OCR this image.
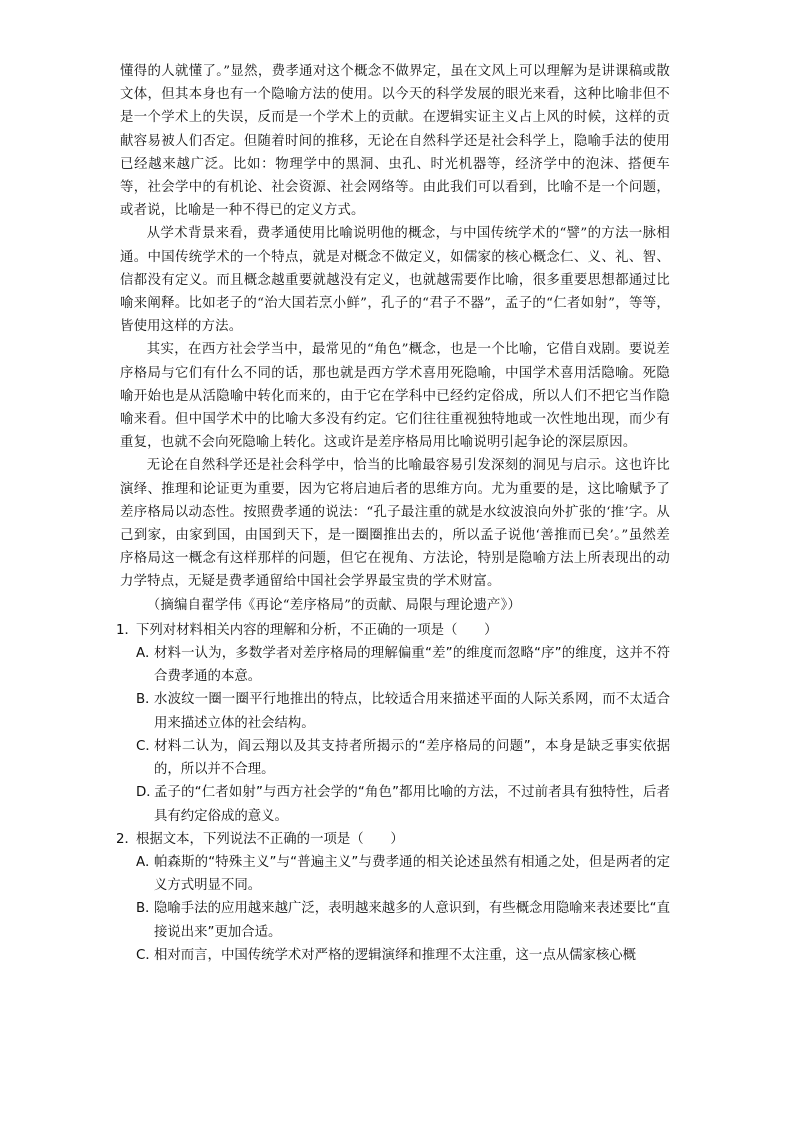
懂得的人就懂了。”显然，费孝通对这个概念不做界定，虽在文风上可以理解为是讲课稿或散文体，但其本身也有一个隐喻方法的使用。以今天的科学发展的眼光来看，这种比喻非但不是一个学术上的失误，反而是一个学术上的贡献。在逻辑实证主义占上风的时候，这样的贡献容易被人们否定。但随着时间的推移，无论在自然科学还是社会科学上，隐喻手法的使用已经越来越广泛。比如：物理学中的黑洞、虫孔、时光机器等，经济学中的泡沫、搭便车等，社会学中的有机论、社会资源、社会网络等。由此我们可以看到，比喻不是一个问题，或者说，比喻是一种不得已的定义方式。

从学术背景来看，费孝通使用比喻说明他的概念，与中国传统学术的“譬”的方法一脉相通。中国传统学术的一个特点，就是对概念不做定义，如儒家的核心概念仁、义、礼、智、信都没有定义。而且概念越重要就越没有定义，也就越需要作比喻，很多重要思想都通过比喻来阐释。比如老子的“治大国若烹小鲜”，孔子的“君子不器”，孟子的“仁者如射”，等等，皆使用这样的方法。

其实，在西方社会学当中，最常见的“角色”概念，也是一个比喻，它借自戏剧。要说差序格局与它们有什么不同的话，那也就是西方学术喜用死隐喻，中国学术喜用活隐喻。死隐喻开始也是从活隐喻中转化而来的，由于它在学科中已经约定俗成，所以人们不把它当作隐喻来看。但中国学术中的比喻大多没有约定。它们往往重视独特地或一次性地出现，而少有重复，也就不会向死隐喻上转化。这或许是差序格局用比喻说明引起争论的深层原因。

无论在自然科学还是社会科学中，恰当的比喻最容易引发深刻的洞见与启示。这也许比演绎、推理和论证更为重要，因为它将启迪后者的思维方向。尤为重要的是，这比喻赋予了差序格局以动态性。按照费孝通的说法：“孔子最注重的就是水纹波浪向外扩张的‘推’字。从己到家，由家到国，由国到天下，是一圈圈推出去的，所以孟子说他‘善推而已矣’。”虽然差序格局这一概念有这样那样的问题，但它在视角、方法论，特别是隐喻方法上所表现出的动力学特点，无疑是费孝通留给中国社会学界最宝贵的学术财富。

（摘编自翟学伟《再论“差序格局”的贡献、局限与理论遗产》）

1．
下列对材料相关内容的理解和分析，不正确的一项是（　　）
A．
材料一认为，多数学者对差序格局的理解偏重“差”的维度而忽略“序”的维度，这并不符合费孝通的本意。
B．
水波纹一圈一圈平行地推出的特点，比较适合用来描述平面的人际关系网，而不太适合用来描述立体的社会结构。
C．
材料二认为，阎云翔以及其支持者所揭示的“差序格局的问题”，本身是缺乏事实依据的，所以并不合理。
D．
孟子的“仁者如射”与西方社会学的“角色”都用比喻的方法，不过前者具有独特性，后者具有约定俗成的意义。
2．
根据文本，下列说法不正确的一项是（　　）
A．
帕森斯的“特殊主义”与“普遍主义”与费孝通的相关论述虽然有相通之处，但是两者的定义方式明显不同。
B．
隐喻手法的应用越来越广泛，表明越来越多的人意识到，有些概念用隐喻来表述要比“直接说出来”更加合适。
C．
相对而言，中国传统学术对严格的逻辑演绎和推理不太注重，这一点从儒家核心概
